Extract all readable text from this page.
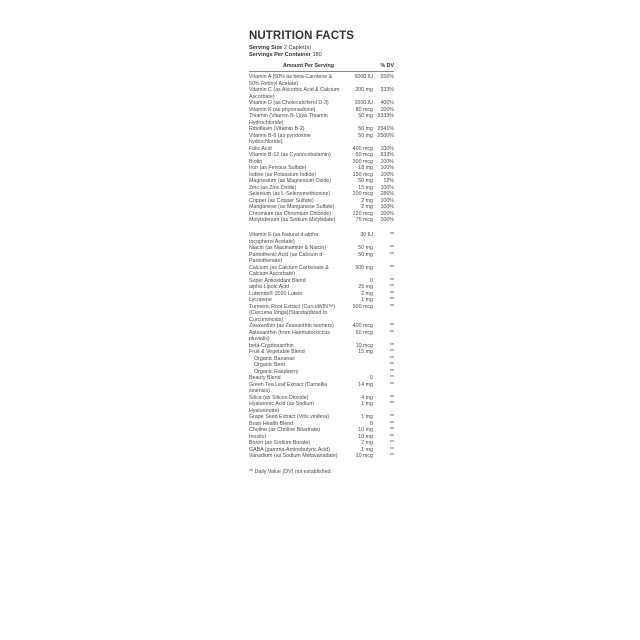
NUTRITION FACTS
Serving Size 2 Caplet(s)
Servings Per Container 180
Amount Per Serving	% DV
Vitamin A (50% as beta-Carotene & 50% Retinyl Acetate)
5000 IU	556%
Vitamin C (as Ascorbic Acid & Calcium Ascorbate)
200 mg	333%
Vitamin D (as Cholecalciferol D-3)	1600 IU	400%
Vitamin K (as phytonadione)	80 mcg	100%
Thiamin (Vitamin B-1)(as Thiamin Hydrochloride)
50 mg 3333%
Riboflavin (Vitamin B-2)	50 mg 2941%
Vitamin B-6 (as pyridoxine hydrochloride)
50 mg 2500%
Folic Acid	400 mcg	100%
Vitamin B-12 (as Cyanocobalamin)	50 mcg	833%
Biotin	300 mcg	100%
Iron (as Ferrous Sulfate)	18 mg	100%
Iodine (as Potassium Iodide)	150 mcg	100%
Magnesium (as Magnesium Oxide)	50 mg	12%
Zinc (as Zinc Oxide)	15 mg	100%
Selenium (as L-Selenomethionine)	200 mcg	286%
Copper (as Copper Sulfate)	2 mg	100%
Manganese (as Manganese Sulfate)	2 mg	100%
Chromium (as Chromium Chloride)	120 mcg	100%
Molybdenum (as Sodium Molybdate)	75 mcg	100%
Vitamin E (as Natural d-alpha tocopherol Acetate)
30 IU	**
Niacin (as Niacinamide & Niacin)	50 mg	**
Pantothenic Acid (as Calcium d-Pantothenate)
50 mg	**
Calcium (as Calcium Carbonate & Calcium Ascorbate)
500 mg	**
Super Antioxidant Blend	0	**
alpha-Lipoic Acid	25 mg	**
Lutemax® 2020 Lutein	2 mg	**
Lycopene	1 mg	**
Turmeric Root Extract (CurcuWIN™)(Curcuma longa)(Standardized to Curcuminoids)
500 mcg	**
Zeaxanthin (as Zeaxanthin Isomers)	400 mcg	**
Astaxanthin (from Haematococcus pluvialis)
50 mcg	**
beta-Cryptoxanthin	10 mcg	**
Fruit & Vegetable Blend	15 mg	**
Organic Bananas	**
Organic Beet	**
Organic Raspberry	**
Beauty Blend	0	**
Green Tea Leaf Extract (Camellia sinensis)
14 mg	**
Silica (as Silicon Dioxide)	4 mg	**
Hyaluronic Acid (as Sodium Hyaluronate)
1 mg	**
Grape Seed Extract (Vitis vinifera)	1 mg	**
Brain Health Blend	0	**
Choline (as Choline Bitartrate)	10 mg	**
Inositol	10 mg	**
Boron (as Sodium Borate)	2 mg	**
GABA (gamma-Aminobutyric Acid)	1 mg	**
Vanadium (as Sodium Metavanadate)	10 mcg	**
** Daily Value (DV) not established.
